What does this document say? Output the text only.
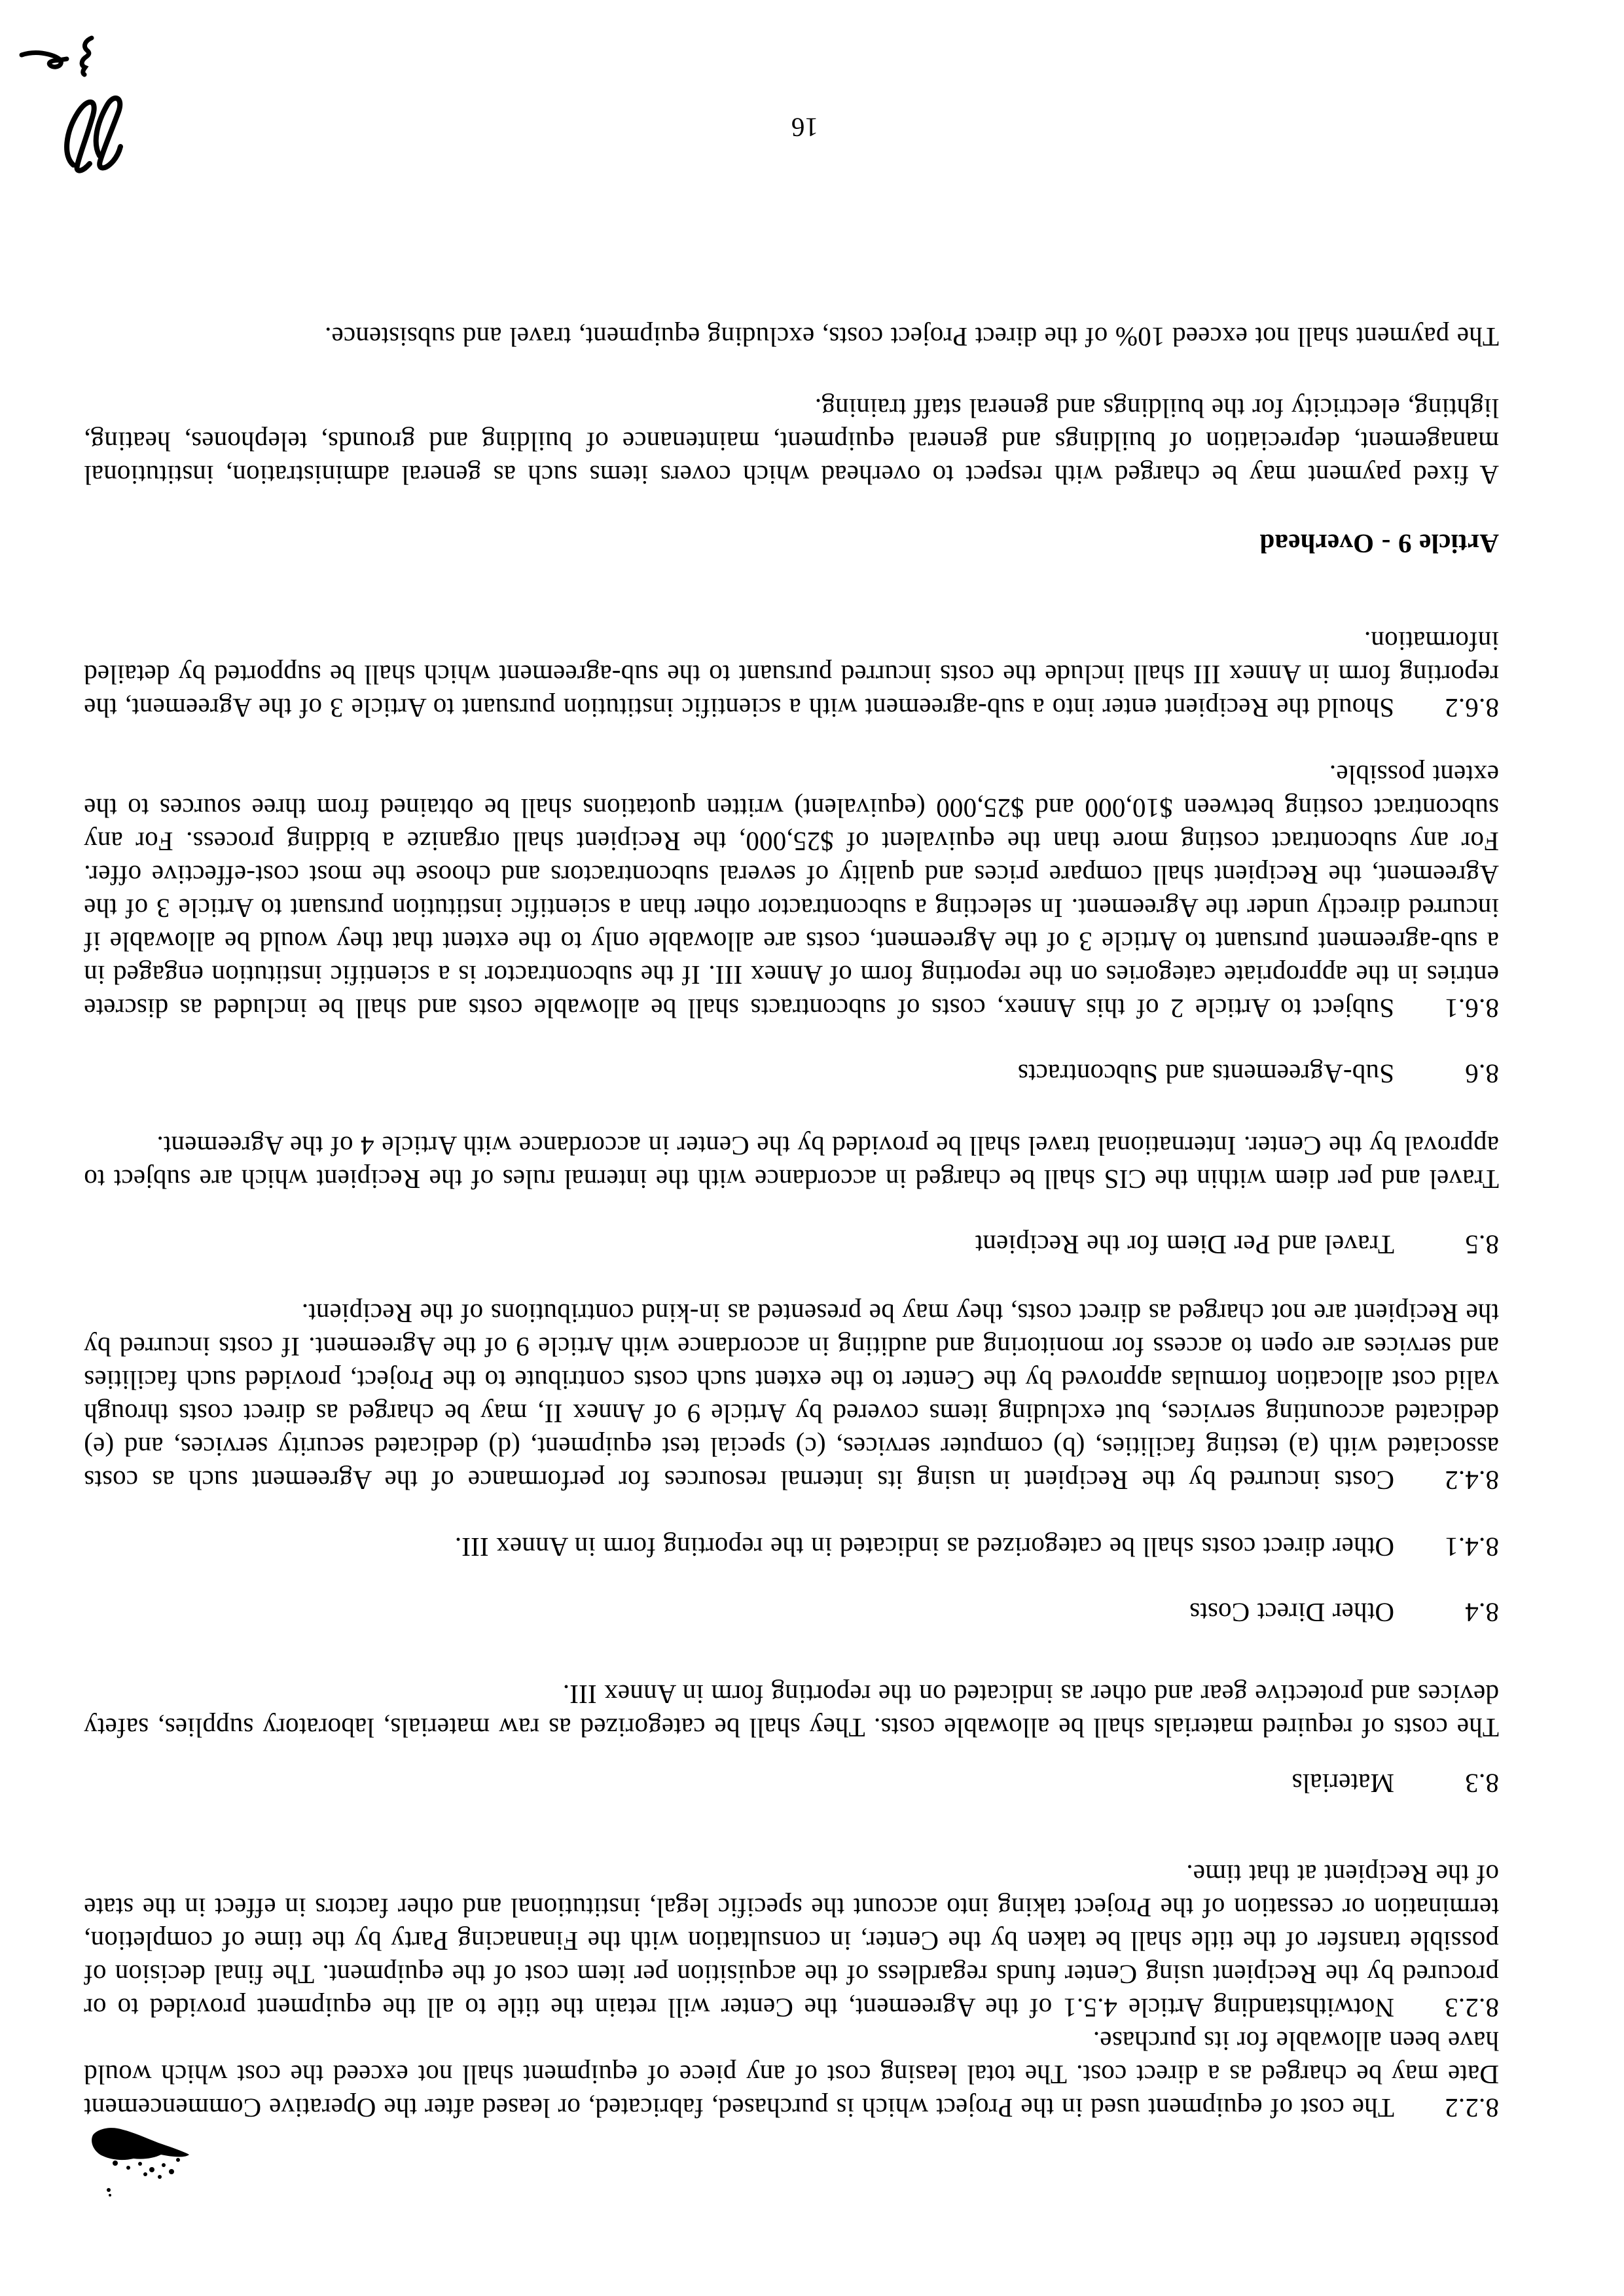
8.2.2The cost of equipment used in the Project which is purchased, fabricated, or leased after the Operative Commencement Date may be charged as a direct cost. The total leasing cost of any piece of equipment shall not exceed the cost which would have been allowable for its purchase.

8.2.3Notwithstanding Article 4.5.1 of the Agreement, the Center will retain the title to all the equipment provided to or procured by the Recipient using Center funds regardless of the acquisition per item cost of the equipment. The final decision of possible transfer of the title shall be taken by the Center, in consultation with the Finanacing Party by the time of completion, termination or cessation of the Project taking into account the specific legal, institutional and other factors in effect in the state of the Recipient at that time.

8.3Materials

The costs of required materials shall be allowable costs. They shall be categorized as raw materials, laboratory supplies, safety devices and protective gear and other as indicated on the reporting form in Annex III.

8.4Other Direct Costs

8.4.1Other direct costs shall be categorized as indicated in the reporting form in Annex III.

8.4.2Costs incurred by the Recipient in using its internal resources for performance of the Agreement such as costs associated with (a) testing facilities, (b) computer services, (c) special test equipment, (d) dedicated security services, and (e) dedicated accounting services, but excluding items covered by Article 9 of Annex II, may be charged as direct costs through valid cost allocation formulas approved by the Center to the extent such costs contribute to the Project, provided such facilities and services are open to access for monitoring and auditing in accordance with Article 9 of the Agreement. If costs incurred by the Recipient are not charged as direct costs, they may be presented as in-kind contributions of the Recipient.

8.5Travel and Per Diem for the Recipient

Travel and per diem within the CIS shall be charged in accordance with the internal rules of the Recipient which are subject to approval by the Center. International travel shall be provided by the Center in accordance with Article 4 of the Agreement.

8.6Sub-Agreements and Subcontracts

8.6.1Subject to Article 2 of this Annex, costs of subcontracts shall be allowable costs and shall be included as discrete entries in the appropriate categories on the reporting form of Annex III. If the subcontractor is a scientific institution engaged in a sub-agreement pursuant to Article 3 of the Agreement, costs are allowable only to the extent that they would be allowable if incurred directly under the Agreement. In selecting a subcontractor other than a scientific institution pursuant to Article 3 of the Agreement, the Recipient shall compare prices and quality of several subcontractors and choose the most cost-effective offer. For any subcontract costing more than the equivalent of $25,000, the Recipient shall organize a bidding process. For any subcontract costing between $10,000 and $25,000 (equivalent) written quotations shall be obtained from three sources to the extent possible.

8.6.2Should the Recipient enter into a sub-agreement with a scientific institution pursuant to Article 3 of the Agreement, the reporting form in Annex III shall include the costs incurred pursuant to the sub-agreement which shall be supported by detailed information.

Article 9 - Overhead

A fixed payment may be charged with respect to overhead which covers items such as general administration, institutional management, depreciation of buildings and general equipment, maintenance of building and grounds, telephones, heating, lighting, electricity for the buildings and general staff training.

The payment shall not exceed 10% of the direct Project costs, excluding equipment, travel and subsistence.

16
